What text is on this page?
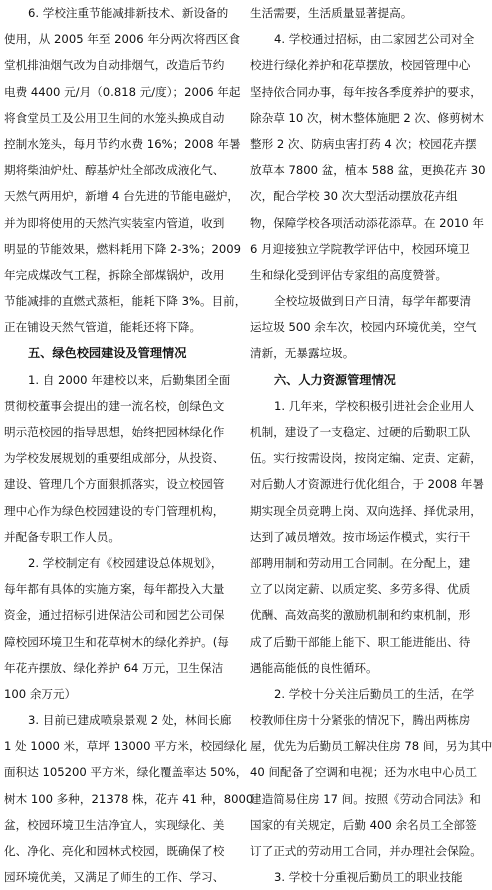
6. 学校注重节能减排新技术、新设备的
使用，从 2005 年至 2006 年分两次将西区食
堂机排油烟气改为自动排烟气，改造后节约
电费 4400 元/月（0.818 元/度）；2006 年起
将食堂员工及公用卫生间的水笼头换成自动
控制水笼头，每月节约水费 16%；2008 年暑
期将柴油炉灶、醇基炉灶全部改成液化气、
天然气两用炉，新增 4 台先进的节能电磁炉，
并为即将使用的天然汽实装室内管道，收到
明显的节能效果，燃料耗用下降 2-3%；2009
年完成煤改气工程，拆除全部煤锅炉，改用
节能减排的直燃式蒸柜，能耗下降 3%。目前，
正在铺设天然气管道，能耗还将下降。
五、绿色校园建设及管理情况
1. 自 2000 年建校以来，后勤集团全面
贯彻校董事会提出的建一流名校，创绿色文
明示范校园的指导思想，始终把园林绿化作
为学校发展规划的重要组成部分，从投资、
建设、管理几个方面狠抓落实，设立校园管
理中心作为绿色校园建设的专门管理机构，
并配备专职工作人员。
2. 学校制定有《校园建设总体规划》，
每年都有具体的实施方案，每年都投入大量
资金，通过招标引进保洁公司和园艺公司保
障校园环境卫生和花草树木的绿化养护。(每
年花卉摆放、绿化养护 64 万元，卫生保洁
100 余万元）
3. 目前已建成喷泉景观 2 处，林间长廊
1 处 1000 米，草坪 13000 平方米，校园绿化
面积达 105200 平方米，绿化覆盖率达 50%，
树木 100 多种，21378 株，花卉 41 种，8000
盆，校园环境卫生洁净宜人，实现绿化、美
化、净化、亮化和园林式校园，既确保了校
园环境优美，又满足了师生的工作、学习、
生活需要，生活质量显著提高。
4. 学校通过招标，由二家园艺公司对全
校进行绿化养护和花草摆放，校园管理中心
坚持依合同办事，每年按各季度养护的要求，
除杂草 10 次，树木整体施肥 2 次、修剪树木
整形 2 次、防病虫害打药 4 次；校园花卉摆
放草本 7800 盆，植本 588 盆，更换花卉 30
次，配合学校 30 次大型活动摆放花卉组
物，保障学校各项活动添花添草。在 2010 年
6 月迎接独立学院教学评估中，校园环境卫
生和绿化受到评估专家组的高度赞誉。
全校垃圾做到日产日清，每学年都要清
运垃圾 500 余车次，校园内环境优美，空气
清新，无暴露垃圾。
六、人力资源管理情况
1. 几年来，学校积极引进社会企业用人
机制，建设了一支稳定、过硬的后勤职工队
伍。实行按需设岗，按岗定编、定责、定薪，
对后勤人才资源进行优化组合，于 2008 年暑
期实现全员竞聘上岗、双向选择、择优录用，
达到了减员增效。按市场运作模式，实行干
部聘用制和劳动用工合同制。在分配上，建
立了以岗定薪、以质定奖、多劳多得、优质
优酬、高效高奖的激励机制和约束机制，形
成了后勤干部能上能下、职工能进能出、待
遇能高能低的良性循环。
2. 学校十分关注后勤员工的生活，在学
校教师住房十分紧张的情况下，腾出两栋房
屋，优先为后勤员工解决住房 78 间，另为其中
40 间配备了空调和电视；还为水电中心员工
建造简易住房 17 间。按照《劳动合同法》和
国家的有关规定，后勤 400 余名员工全部签
订了正式的劳动用工合同，并办理社会保险。
3. 学校十分重视后勤员工的职业技能
